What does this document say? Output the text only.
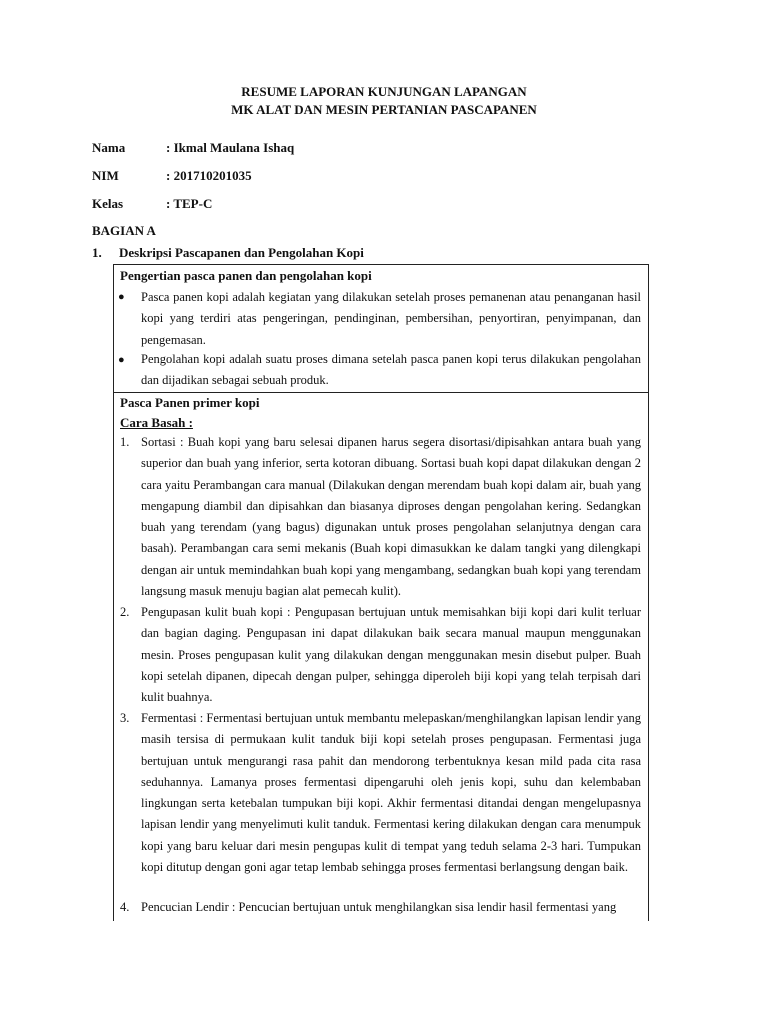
RESUME LAPORAN KUNJUNGAN LAPANGAN
MK ALAT DAN MESIN PERTANIAN PASCAPANEN
Nama	: Ikmal Maulana Ishaq
NIM	: 201710201035
Kelas	: TEP-C
BAGIAN A
1. Deskripsi Pascapanen dan Pengolahan Kopi
Pengertian pasca panen dan pengolahan kopi
● Pasca panen kopi adalah kegiatan yang dilakukan setelah proses pemanenan atau penanganan hasil kopi yang terdiri atas pengeringan, pendinginan, pembersihan, penyortiran, penyimpanan, dan pengemasan.
● Pengolahan kopi adalah suatu proses dimana setelah pasca panen kopi terus dilakukan pengolahan dan dijadikan sebagai sebuah produk.
Pasca Panen primer kopi
Cara Basah :
1. Sortasi : Buah kopi yang baru selesai dipanen harus segera disortasi/dipisahkan antara buah yang superior dan buah yang inferior, serta kotoran dibuang. Sortasi buah kopi dapat dilakukan dengan 2 cara yaitu Perambangan cara manual (Dilakukan dengan merendam buah kopi dalam air, buah yang mengapung diambil dan dipisahkan dan biasanya diproses dengan pengolahan kering. Sedangkan buah yang terendam (yang bagus) digunakan untuk proses pengolahan selanjutnya dengan cara basah). Perambangan cara semi mekanis (Buah kopi dimasukkan ke dalam tangki yang dilengkapi dengan air untuk memindahkan buah kopi yang mengambang, sedangkan buah kopi yang terendam langsung masuk menuju bagian alat pemecah kulit).
2. Pengupasan kulit buah kopi : Pengupasan bertujuan untuk memisahkan biji kopi dari kulit terluar dan bagian daging. Pengupasan ini dapat dilakukan baik secara manual maupun menggunakan mesin. Proses pengupasan kulit yang dilakukan dengan menggunakan mesin disebut pulper. Buah kopi setelah dipanen, dipecah dengan pulper, sehingga diperoleh biji kopi yang telah terpisah dari kulit buahnya.
3. Fermentasi : Fermentasi bertujuan untuk membantu melepaskan/menghilangkan lapisan lendir yang masih tersisa di permukaan kulit tanduk biji kopi setelah proses pengupasan. Fermentasi juga bertujuan untuk mengurangi rasa pahit dan mendorong terbentuknya kesan mild pada cita rasa seduhannya. Lamanya proses fermentasi dipengaruhi oleh jenis kopi, suhu dan kelembaban lingkungan serta ketebalan tumpukan biji kopi. Akhir fermentasi ditandai dengan mengelupasnya lapisan lendir yang menyelimuti kulit tanduk. Fermentasi kering dilakukan dengan cara menumpuk kopi yang baru keluar dari mesin pengupas kulit di tempat yang teduh selama 2-3 hari. Tumpukan kopi ditutup dengan goni agar tetap lembab sehingga proses fermentasi berlangsung dengan baik.
4. Pencucian Lendir : Pencucian bertujuan untuk menghilangkan sisa lendir hasil fermentasi yang
